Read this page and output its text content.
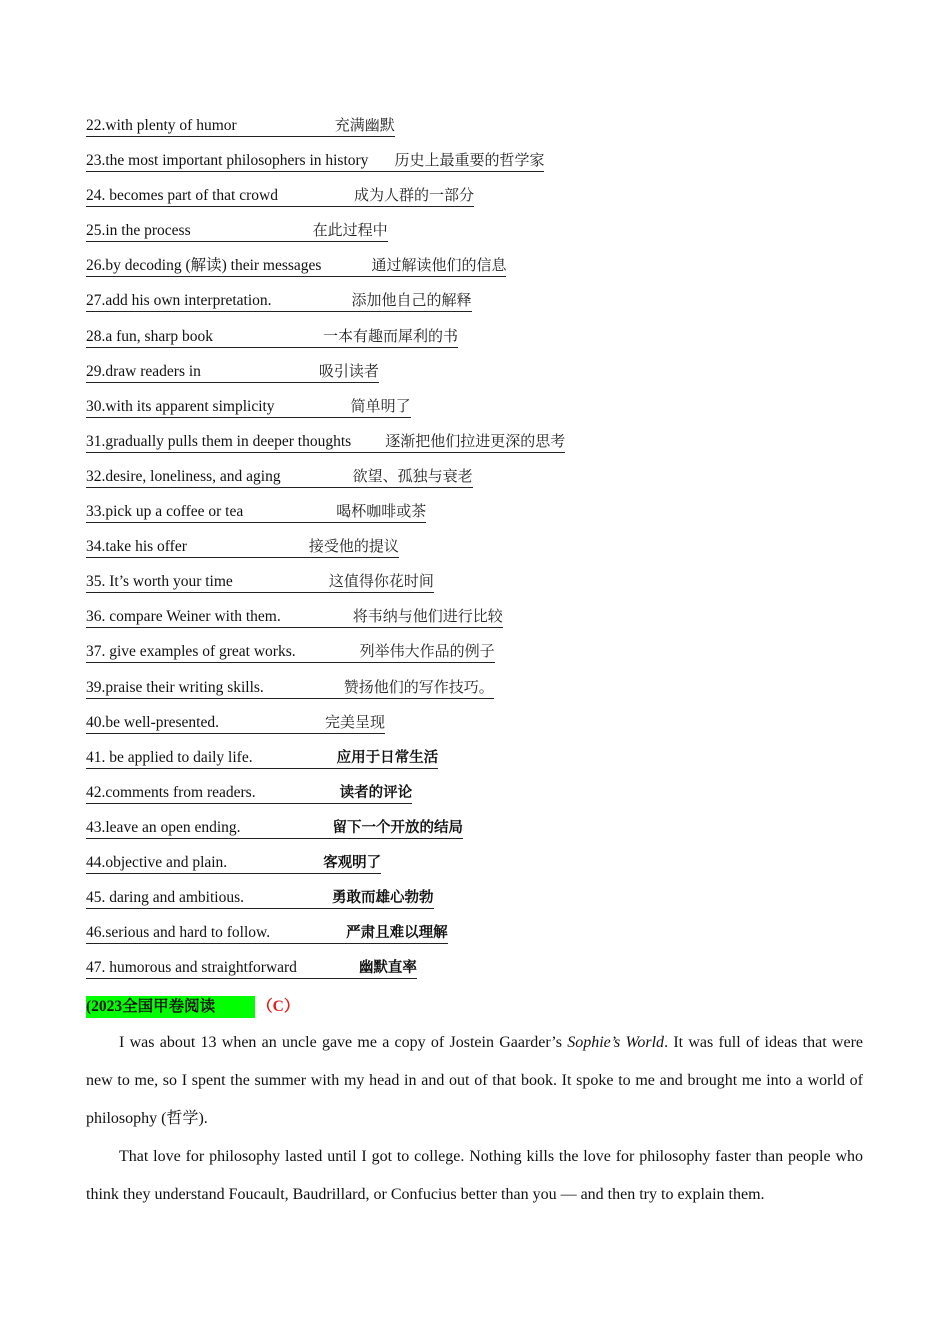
22.with plenty of humor	充满幽默
23.the most important philosophers in history 历史上最重要的哲学家
24. becomes part of that crowd	成为人群的一部分
25.in the process	在此过程中
26.by decoding (解读) their messages	通过解读他们的信息
27.add his own interpretation.	添加他自己的解释
28.a fun, sharp book	一本有趣而犀利的书
29.draw readers in	吸引读者
30.with its apparent simplicity	简单明了
31.gradually pulls them in deeper thoughts 逐渐把他们拉进更深的思考
32.desire, loneliness, and aging	欲望、孤独与衰老
33.pick up a coffee or tea	喝杯咖啡或茶
34.take his offer	接受他的提议
35. It’s worth your time	这值得你花时间
36. compare Weiner with them.	将韦纳与他们进行比较
37. give examples of great works.	列举伟大作品的例子
39.praise their writing skills.	赞扬他们的写作技巧。
40.be well-presented.	完美呈现
41. be applied to daily life.	应用于日常生活
42.comments from readers.	读者的评论
43.leave an open ending.	留下一个开放的结局
44.objective and plain.	客观明了
45. daring and ambitious.	勇敢而雄心勃勃
46.serious and hard to follow.	严肃且难以理解
47. humorous and straightforward	幽默直率
(2023全国甲卷阅读	（C）

I was about 13 when an uncle gave me a copy of Jostein Gaarder’s Sophie’s World. It was full of ideas that were new to me, so I spent the summer with my head in and out of that book. It spoke to me and brought me into a world of philosophy (哲学).

That love for philosophy lasted until I got to college. Nothing kills the love for philosophy faster than people who think they understand Foucault, Baudrillard, or Confucius better than you — and then try to explain them.
